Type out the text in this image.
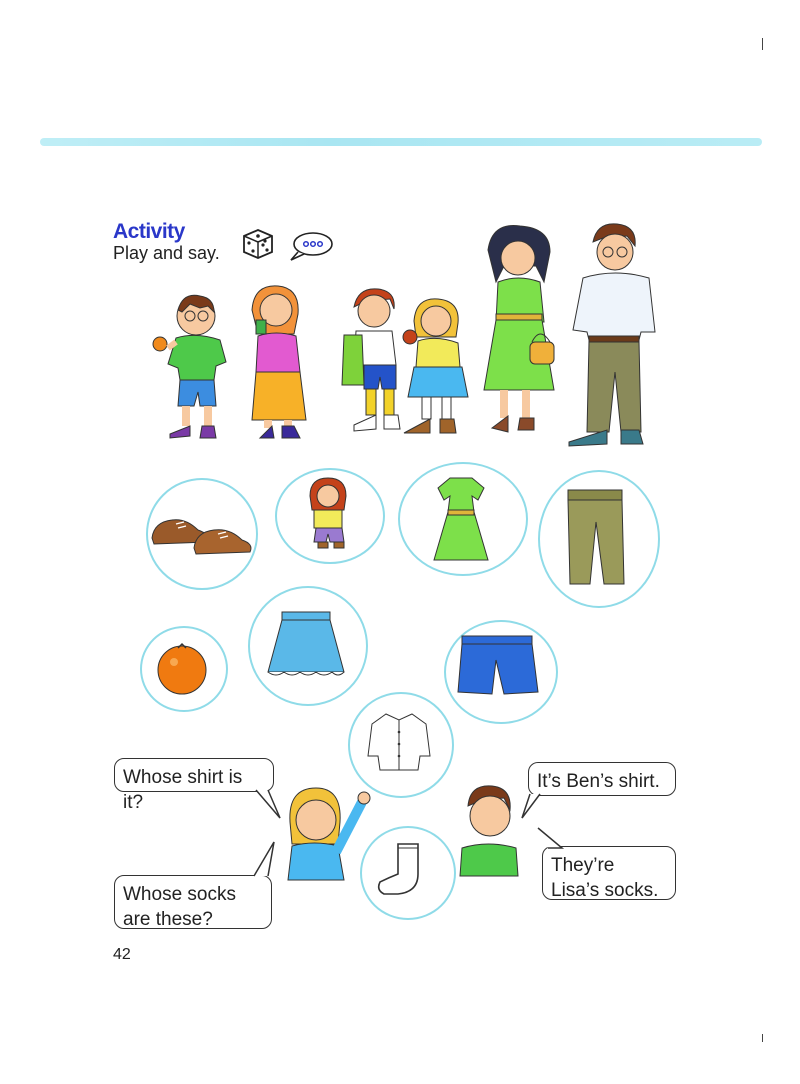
Activity
Play and say.
Whose shirt is it?
It’s Ben’s shirt.
Whose socks are these?
They’re Lisa’s socks.
42
